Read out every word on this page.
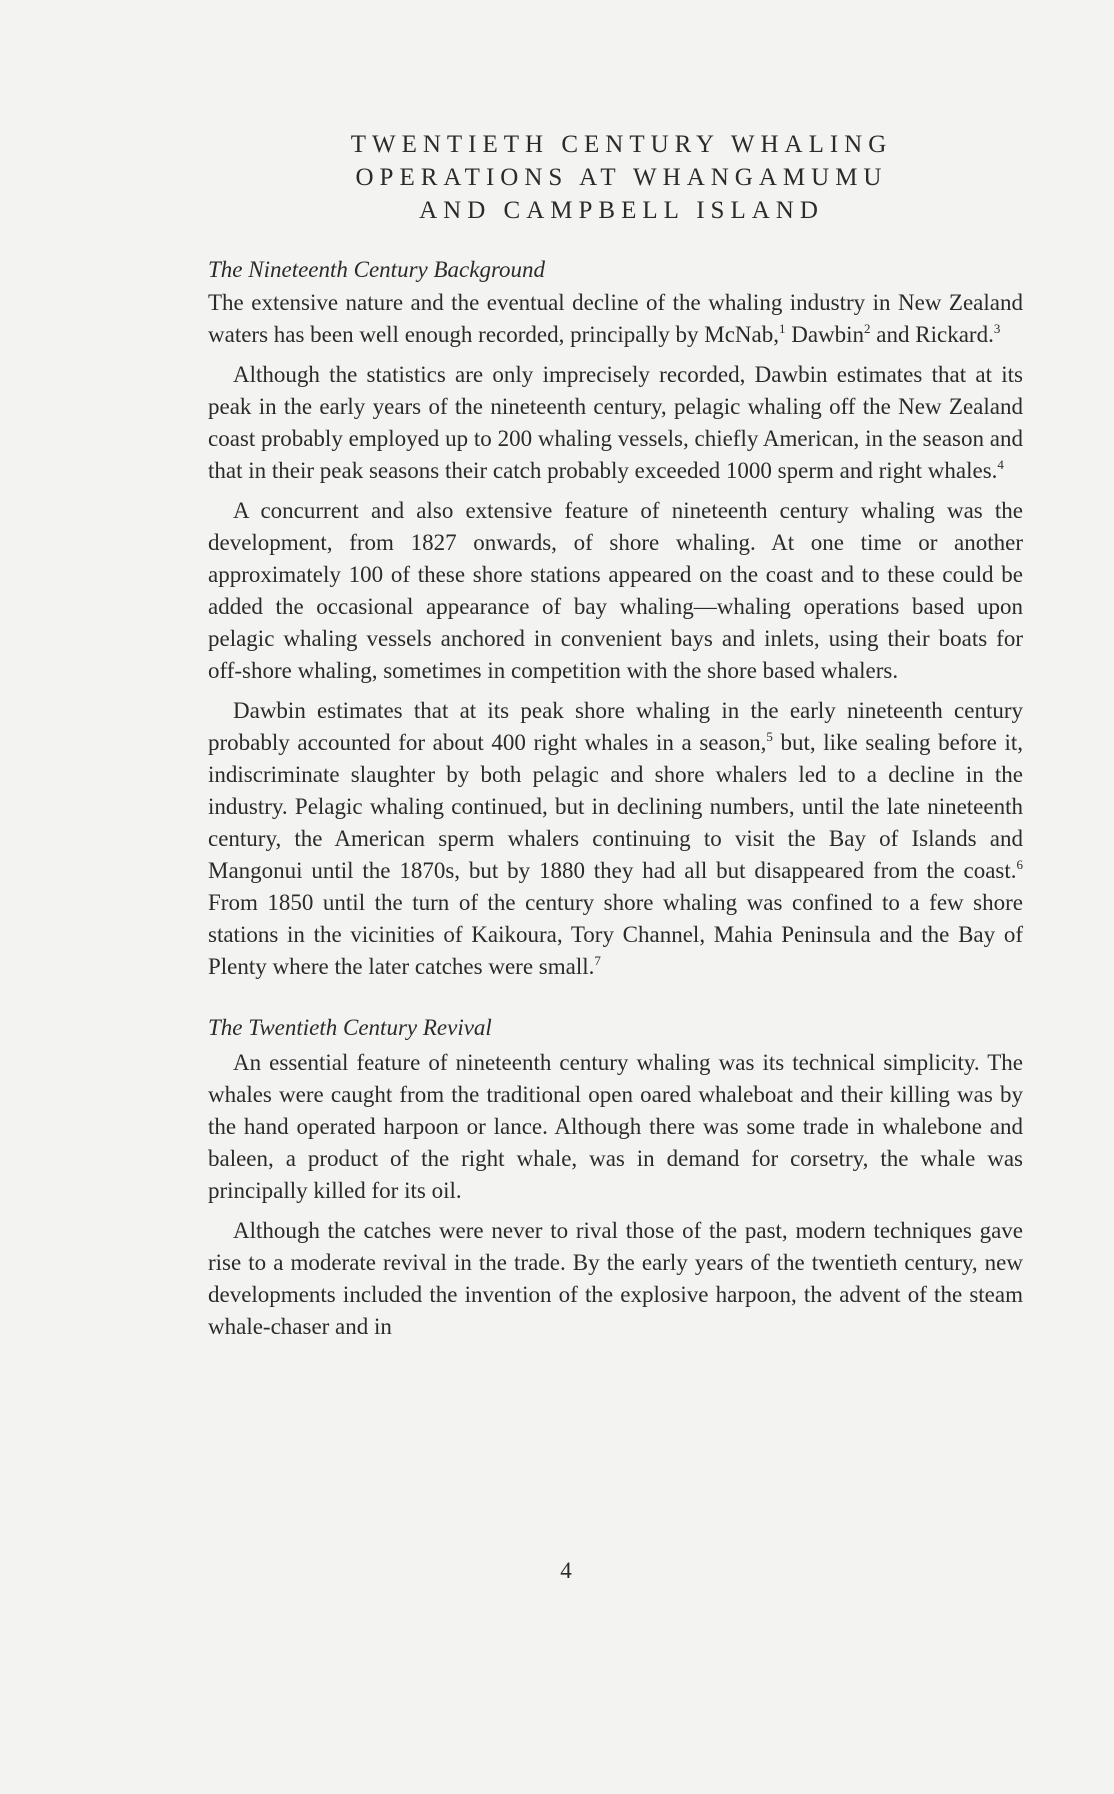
TWENTIETH CENTURY WHALING
OPERATIONS AT WHANGAMUMU
AND CAMPBELL ISLAND
The Nineteenth Century Background

The extensive nature and the eventual decline of the whaling industry in New Zealand waters has been well enough recorded, principally by McNab,$^1$ Dawbin$^2$ and Rickard.$^3$

Although the statistics are only imprecisely recorded, Dawbin estimates that at its peak in the early years of the nineteenth century, pelagic whaling off the New Zealand coast probably employed up to 200 whaling vessels, chiefly American, in the season and that in their peak seasons their catch probably exceeded 1000 sperm and right whales.$^4$

A concurrent and also extensive feature of nineteenth century whaling was the development, from 1827 onwards, of shore whaling. At one time or another approximately 100 of these shore stations appeared on the coast and to these could be added the occasional appearance of bay whaling—whaling operations based upon pelagic whaling vessels anchored in convenient bays and inlets, using their boats for off-shore whaling, sometimes in competition with the shore based whalers.

Dawbin estimates that at its peak shore whaling in the early nineteenth century probably accounted for about 400 right whales in a season,$^5$ but, like sealing before it, indiscriminate slaughter by both pelagic and shore whalers led to a decline in the industry. Pelagic whaling continued, but in declining numbers, until the late nineteenth century, the American sperm whalers continuing to visit the Bay of Islands and Mangonui until the 1870s, but by 1880 they had all but disappeared from the coast.$^6$ From 1850 until the turn of the century shore whaling was confined to a few shore stations in the vicinities of Kaikoura, Tory Channel, Mahia Peninsula and the Bay of Plenty where the later catches were small.$^7$

The Twentieth Century Revival

An essential feature of nineteenth century whaling was its technical simplicity. The whales were caught from the traditional open oared whaleboat and their killing was by the hand operated harpoon or lance. Although there was some trade in whalebone and baleen, a product of the right whale, was in demand for corsetry, the whale was principally killed for its oil.

Although the catches were never to rival those of the past, modern techniques gave rise to a moderate revival in the trade. By the early years of the twentieth century, new developments included the invention of the explosive harpoon, the advent of the steam whale-chaser and in

4
